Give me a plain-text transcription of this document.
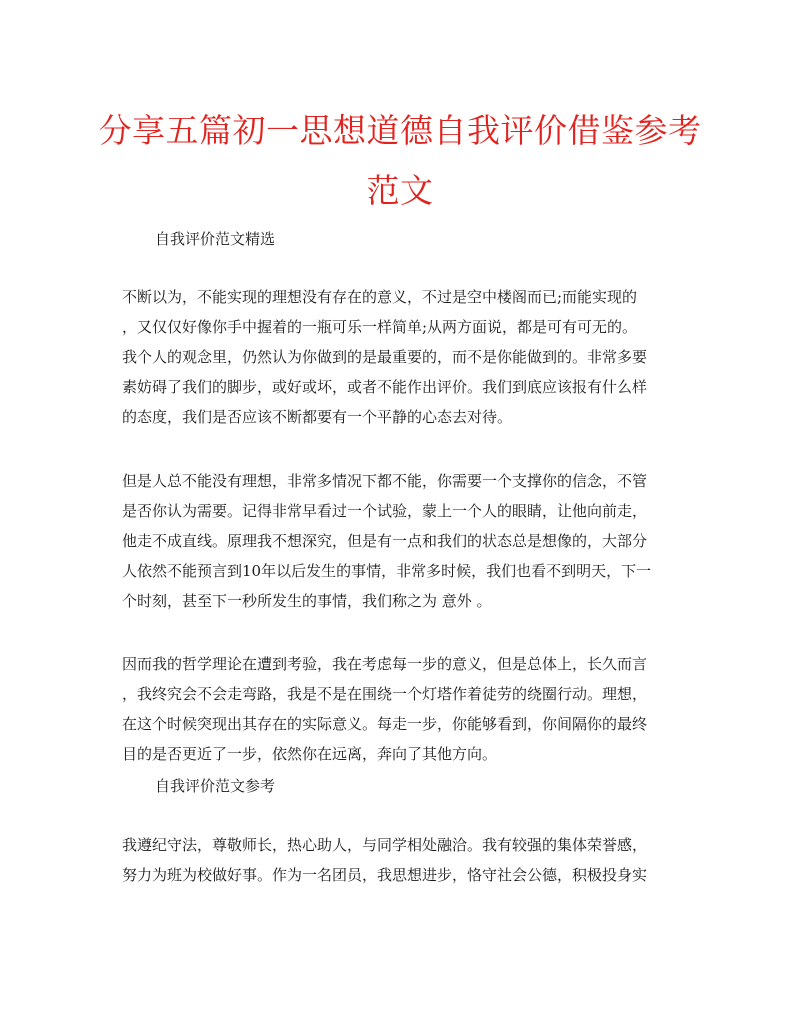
分享五篇初一思想道德自我评价借鉴参考
范文

自我评价范文精选

不断以为，不能实现的理想没有存在的意义，不过是空中楼阁而已;而能实现的

，又仅仅好像你手中握着的一瓶可乐一样简单;从两方面说，都是可有可无的。

我个人的观念里，仍然认为你做到的是最重要的，而不是你能做到的。非常多要

素妨碍了我们的脚步，或好或坏，或者不能作出评价。我们到底应该报有什么样

的态度，我们是否应该不断都要有一个平静的心态去对待。

但是人总不能没有理想，非常多情况下都不能，你需要一个支撑你的信念，不管

是否你认为需要。记得非常早看过一个试验，蒙上一个人的眼睛，让他向前走，

他走不成直线。原理我不想深究，但是有一点和我们的状态总是想像的，大部分

人依然不能预言到10年以后发生的事情，非常多时候，我们也看不到明天，下一

个时刻，甚至下一秒所发生的事情，我们称之为 意外 。

因而我的哲学理论在遭到考验，我在考虑每一步的意义，但是总体上，长久而言

，我终究会不会走弯路，我是不是在围绕一个灯塔作着徒劳的绕圈行动。理想，

在这个时候突现出其存在的实际意义。每走一步，你能够看到，你间隔你的最终

目的是否更近了一步，依然你在远离，奔向了其他方向。

自我评价范文参考

我遵纪守法，尊敬师长，热心助人，与同学相处融洽。我有较强的集体荣誉感，

努力为班为校做好事。作为一名团员，我思想进步，恪守社会公德，积极投身实
